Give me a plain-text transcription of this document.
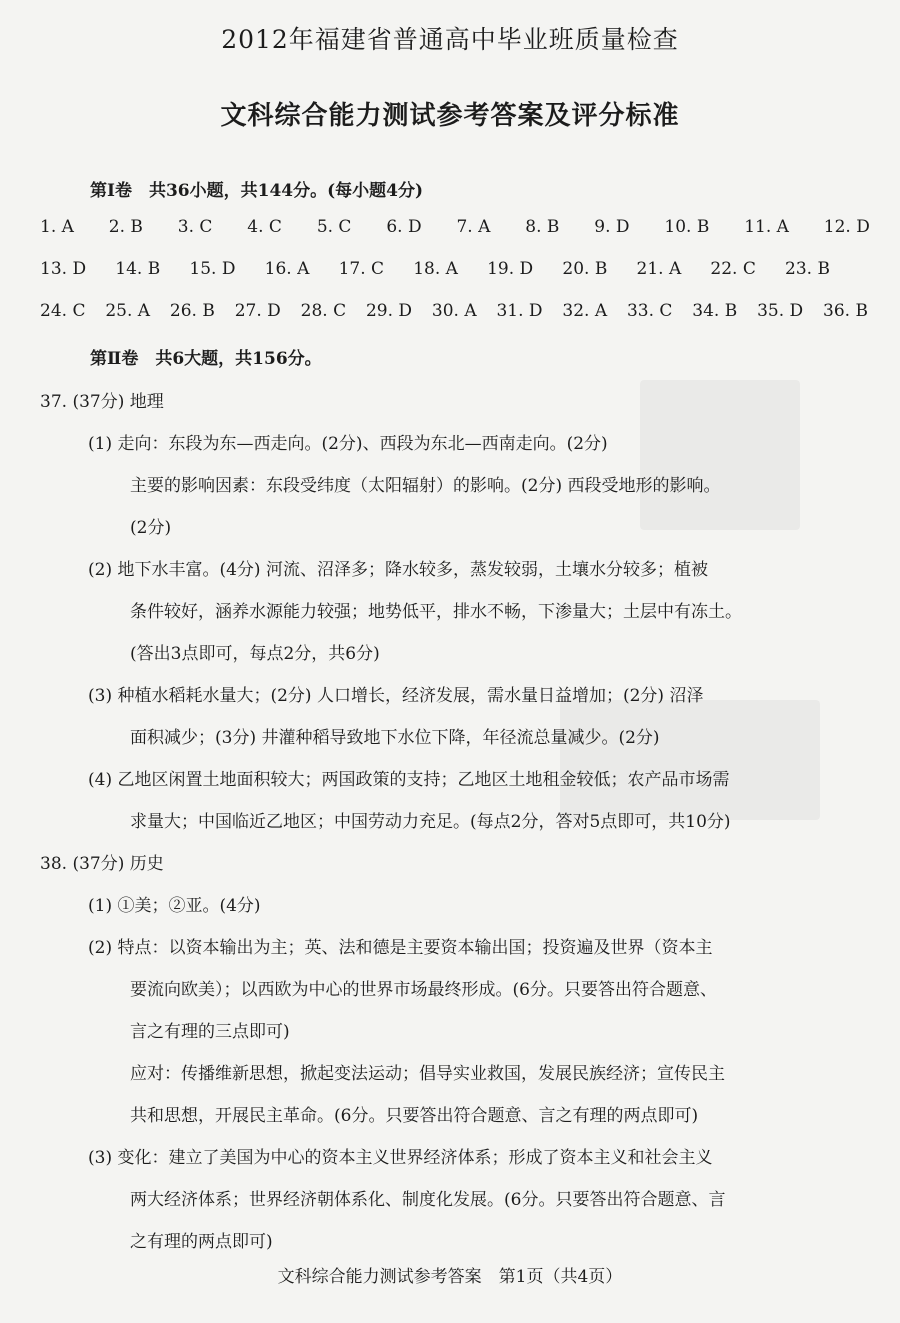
2012年福建省普通高中毕业班质量检查
文科综合能力测试参考答案及评分标准
第Ⅰ卷　共36小题，共144分。(每小题4分)
1. A 2. B 3. C 4. C 5. C 6. D 7. A 8. B 9. D 10. B 11. A 12. D
13. D 14. B 15. D 16. A 17. C 18. A 19. D 20. B 21. A 22. C 23. B
24. C 25. A 26. B 27. D 28. C 29. D 30. A 31. D 32. A 33. C 34. B 35. D 36. B
第Ⅱ卷　共6大题，共156分。
37. (37分) 地理
(1) 走向：东段为东—西走向。(2分)、西段为东北—西南走向。(2分)
主要的影响因素：东段受纬度（太阳辐射）的影响。(2分) 西段受地形的影响。
(2分)
(2) 地下水丰富。(4分) 河流、沼泽多；降水较多，蒸发较弱，土壤水分较多；植被
条件较好，涵养水源能力较强；地势低平，排水不畅，下渗量大；土层中有冻土。
(答出3点即可，每点2分，共6分)
(3) 种植水稻耗水量大；(2分) 人口增长，经济发展，需水量日益增加；(2分) 沼泽
面积减少；(3分) 井灌种稻导致地下水位下降，年径流总量减少。(2分)
(4) 乙地区闲置土地面积较大；两国政策的支持；乙地区土地租金较低；农产品市场需
求量大；中国临近乙地区；中国劳动力充足。(每点2分，答对5点即可，共10分)
38. (37分) 历史
(1) ①美；②亚。(4分)
(2) 特点：以资本输出为主；英、法和德是主要资本输出国；投资遍及世界（资本主
要流向欧美）；以西欧为中心的世界市场最终形成。(6分。只要答出符合题意、
言之有理的三点即可)
应对：传播维新思想，掀起变法运动；倡导实业救国，发展民族经济；宣传民主
共和思想，开展民主革命。(6分。只要答出符合题意、言之有理的两点即可)
(3) 变化：建立了美国为中心的资本主义世界经济体系；形成了资本主义和社会主义
两大经济体系；世界经济朝体系化、制度化发展。(6分。只要答出符合题意、言
之有理的两点即可)
文科综合能力测试参考答案　第1页（共4页）
